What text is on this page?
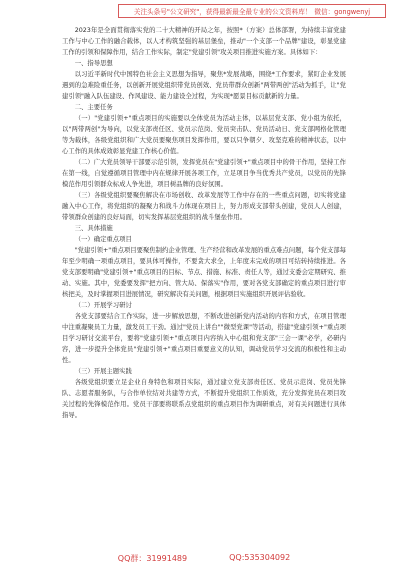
关注头条号"公文研究"，获得最新最全最专业的公文资料库！ 微信：gongwenyj

2023年是全面贯彻落实党的二十大精神的开局之年，按照*（方案）总体部署，为持续丰富党建工作与中心工作的融合载体，以人才构筑坚强的基层堡垒，推动"一个支部一个品牌"建设，彰显党建工作的引领和保障作用，结合工作实际，制定"党建引领"攻关项目推进实施方案。具体如下：

一、指导思想

以习近平新时代中国特色社会主义思想为指导，聚焦*发展战略，围绕*工作要求，紧盯企业发展遇到的急难险重任务，以创新开展党组织带党员创效、党员带群众创新"两带两创"活动为抓手，让"党建引领"融入队伍建设、作风建设、能力建设全过程，为实现*愿景目标贡献新的力量。

二、主要任务

（一）"党建引领+"重点项目的实施要以全体党员为活动主体，以基层党支部、党小组为依托，以"两带两创"为导向，以党支部责任区、党员示范岗、党员突击队、党员活动日、党支部网格化管理等为载体，各级党组织和广大党员要聚焦项目发挥作用，要以只争朝夕、攻坚克难的精神状态，以中心工作的具体成效彰显党建工作核心价值。

（二）广大党员领导干部要示范引领，发挥党员在"党建引领+"重点项目中的骨干作用，坚持工作在第一线，自觉遵循项目管理中内在规律开展各项工作，立足项目争当优秀共产党员，以党员的先锋模范作用引领群众标成人争先进，项目树品牌的良好氛围。

（三）各级党组织要聚焦解决在市场创收、改革发展等工作中存在的一些重点问题，切实将党建融入中心工作，将党组织的凝聚力和战斗力体现在项目上，努力形成支部带头创建，党员人人创建，带领群众创建的良好局面，切实发挥基层党组织的战斗堡垒作用。

三、具体措施

（一）确定重点项目

"党建引领+"重点项目要聚焦制约企业管理、生产经营和改革发展的重点难点问题，每个党支部每年至少明确一项重点项目，要具体可操作，不要贪大求全，上年度未完成的项目可结转持续推进。各党支部要明确"党建引领+"重点项目的目标、节点、措施、标准、责任人等，通过支委会定期研究、推动、实施。其中，党委要发挥"把方向、管大局、保落实"作用，要对各党支部确定的重点项目进行审核把关，及时掌握项目进展情况，研究解决有关问题，根据项目实施组织开展评估验收。

（二）开展学习研讨

各党支部要结合工作实际，进一步解放思想，不断改进创新党内活动的内容和方式，在项目管理中注重凝聚员工力量，激发员工干劲。通过"党员上讲台""微型党课"等活动，搭建"党建引领+"重点项目学习研讨交流平台，要将"党建引领+"重点项目内容纳入中心组和党支部"三会一课"必学，必研内容，进一步提升全体党员"党建引领+"重点项目重要意义的认知，调动党员学习交流的积极性和主动性。

（三）开展主题实践

各级党组织要立足企业自身特色和项目实际，通过建立党支部责任区、党员示范岗、党员先锋队、志愿者服务队，与合作单位结对共建等方式，不断提升党组织工作质效，充分发挥党员在项目攻关过程的先锋模范作用。党员干部要将联系点党组织的重点项目作为调研重点，对有关问题进行具体指导。

QQ群：31991489	QQ:535304092
